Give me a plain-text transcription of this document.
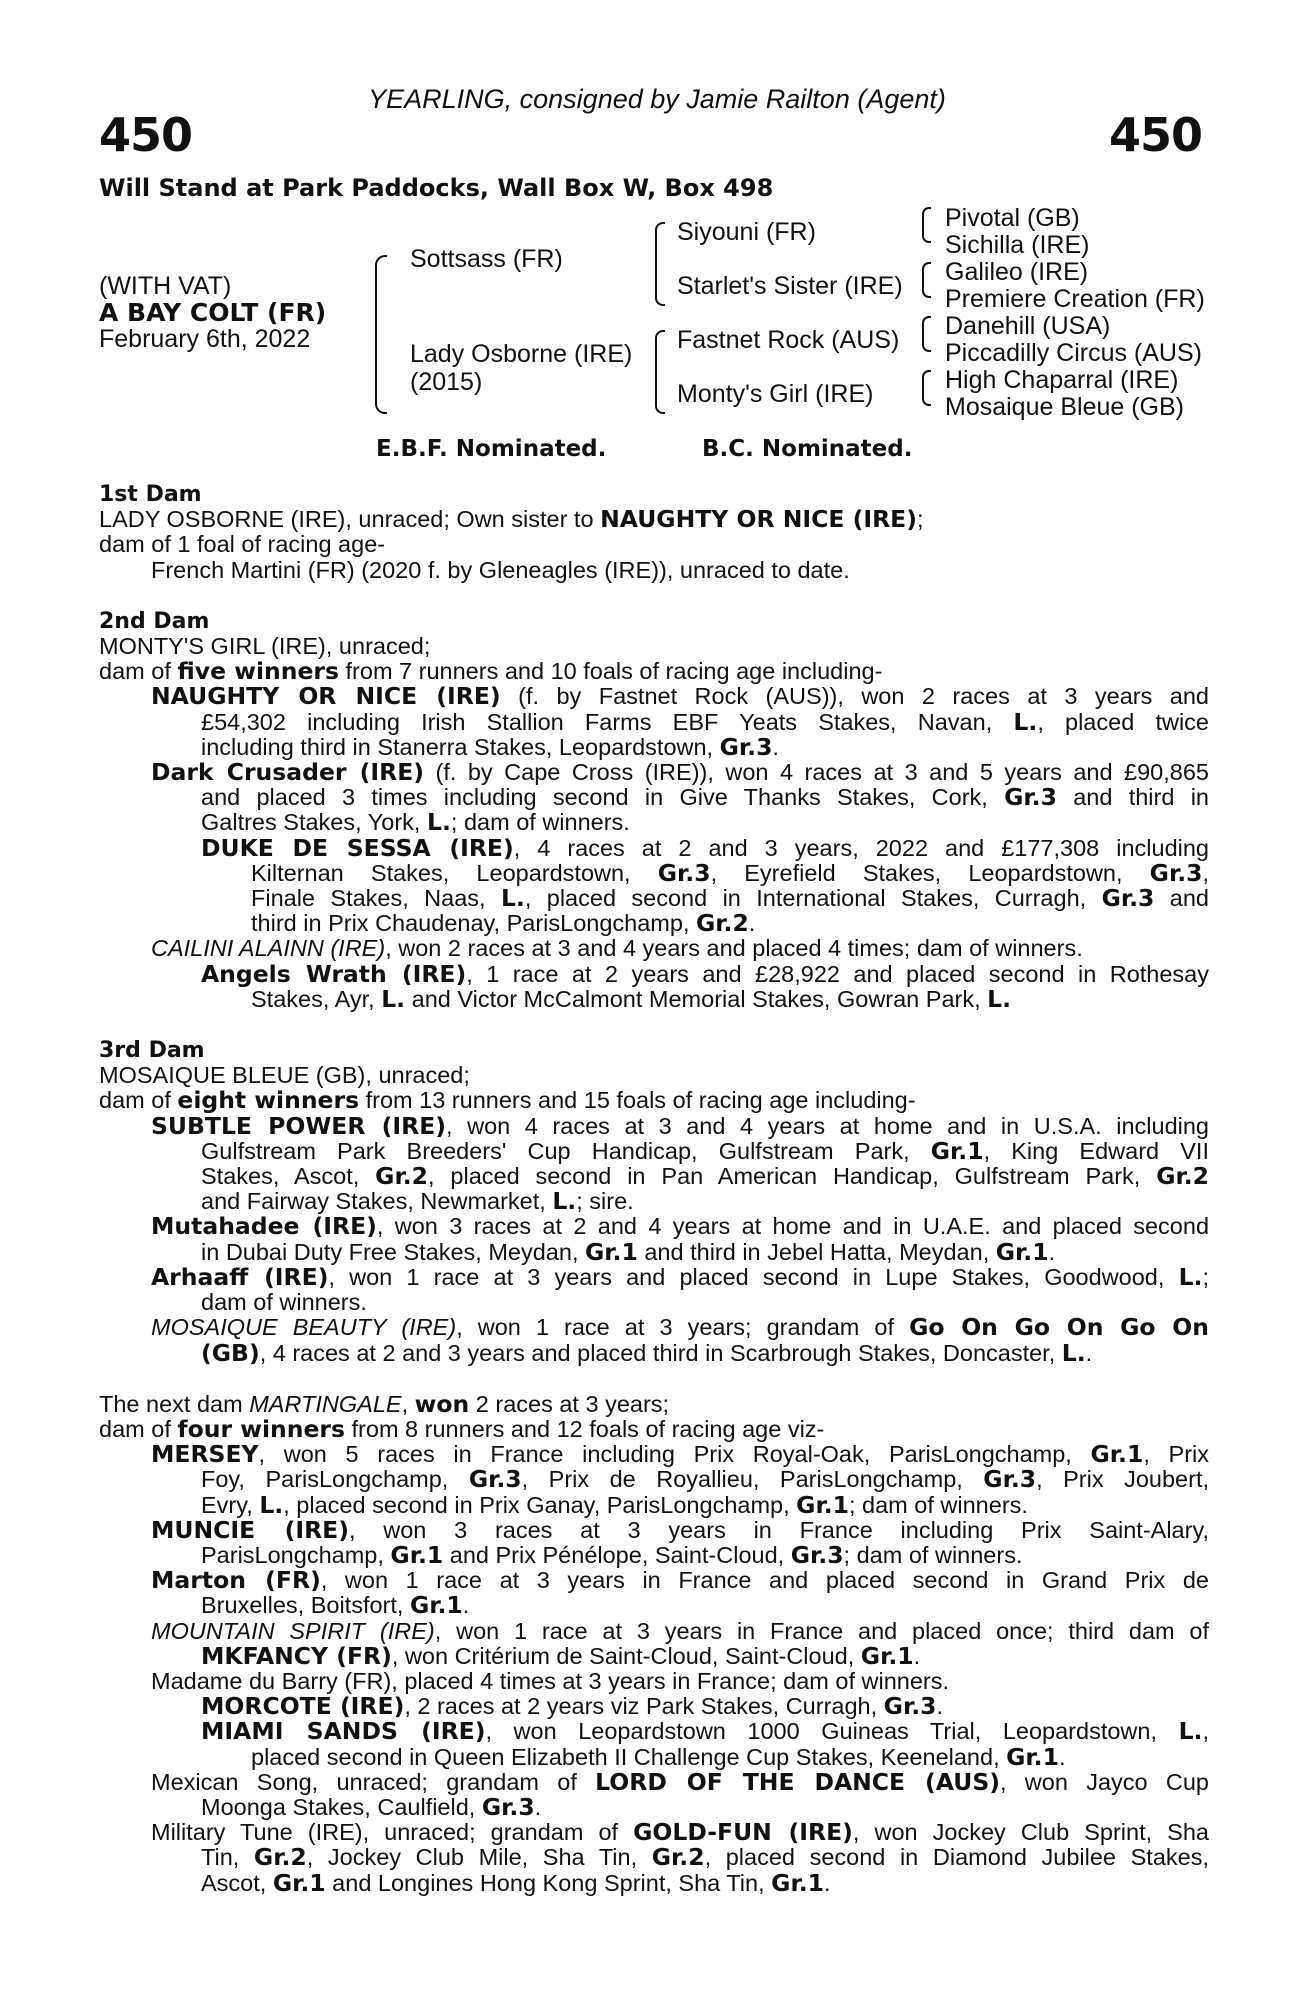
YEARLING, consigned by Jamie Railton (Agent)
450	450
Will Stand at Park Paddocks, Wall Box W, Box 498
(WITH VAT)
A BAY COLT (FR)
February 6th, 2022
Sottsass (FR)
Lady Osborne (IRE)
(2015)
Siyouni (FR)
Starlet's Sister (IRE)
Fastnet Rock (AUS)
Monty's Girl (IRE)
Pivotal (GB)
Sichilla (IRE)
Galileo (IRE)
Premiere Creation (FR)
Danehill (USA)
Piccadilly Circus (AUS)
High Chaparral (IRE)
Mosaique Bleue (GB)
E.B.F. Nominated.	B.C. Nominated.
1st Dam
LADY OSBORNE (IRE), unraced; Own sister to NAUGHTY OR NICE (IRE);
dam of 1 foal of racing age-
French Martini (FR) (2020 f. by Gleneagles (IRE)), unraced to date.
2nd Dam
MONTY'S GIRL (IRE), unraced;
dam of five winners from 7 runners and 10 foals of racing age including-
NAUGHTY OR NICE (IRE) (f. by Fastnet Rock (AUS)), won 2 races at 3 years and
£54,302 including Irish Stallion Farms EBF Yeats Stakes, Navan, L., placed twice
including third in Stanerra Stakes, Leopardstown, Gr.3.
Dark Crusader (IRE) (f. by Cape Cross (IRE)), won 4 races at 3 and 5 years and £90,865
and placed 3 times including second in Give Thanks Stakes, Cork, Gr.3 and third in
Galtres Stakes, York, L.; dam of winners.
DUKE DE SESSA (IRE), 4 races at 2 and 3 years, 2022 and £177,308 including
Kilternan Stakes, Leopardstown, Gr.3, Eyrefield Stakes, Leopardstown, Gr.3,
Finale Stakes, Naas, L., placed second in International Stakes, Curragh, Gr.3 and
third in Prix Chaudenay, ParisLongchamp, Gr.2.
CAILINI ALAINN (IRE), won 2 races at 3 and 4 years and placed 4 times; dam of winners.
Angels Wrath (IRE), 1 race at 2 years and £28,922 and placed second in Rothesay
Stakes, Ayr, L. and Victor McCalmont Memorial Stakes, Gowran Park, L.
3rd Dam
MOSAIQUE BLEUE (GB), unraced;
dam of eight winners from 13 runners and 15 foals of racing age including-
SUBTLE POWER (IRE), won 4 races at 3 and 4 years at home and in U.S.A. including
Gulfstream Park Breeders' Cup Handicap, Gulfstream Park, Gr.1, King Edward VII
Stakes, Ascot, Gr.2, placed second in Pan American Handicap, Gulfstream Park, Gr.2
and Fairway Stakes, Newmarket, L.; sire.
Mutahadee (IRE), won 3 races at 2 and 4 years at home and in U.A.E. and placed second
in Dubai Duty Free Stakes, Meydan, Gr.1 and third in Jebel Hatta, Meydan, Gr.1.
Arhaaff (IRE), won 1 race at 3 years and placed second in Lupe Stakes, Goodwood, L.;
dam of winners.
MOSAIQUE BEAUTY (IRE), won 1 race at 3 years; grandam of Go On Go On Go On
(GB), 4 races at 2 and 3 years and placed third in Scarbrough Stakes, Doncaster, L..
The next dam MARTINGALE, won 2 races at 3 years;
dam of four winners from 8 runners and 12 foals of racing age viz-
MERSEY, won 5 races in France including Prix Royal-Oak, ParisLongchamp, Gr.1, Prix
Foy, ParisLongchamp, Gr.3, Prix de Royallieu, ParisLongchamp, Gr.3, Prix Joubert,
Evry, L., placed second in Prix Ganay, ParisLongchamp, Gr.1; dam of winners.
MUNCIE (IRE), won 3 races at 3 years in France including Prix Saint-Alary,
ParisLongchamp, Gr.1 and Prix Pénélope, Saint-Cloud, Gr.3; dam of winners.
Marton (FR), won 1 race at 3 years in France and placed second in Grand Prix de
Bruxelles, Boitsfort, Gr.1.
MOUNTAIN SPIRIT (IRE), won 1 race at 3 years in France and placed once; third dam of
MKFANCY (FR), won Critérium de Saint-Cloud, Saint-Cloud, Gr.1.
Madame du Barry (FR), placed 4 times at 3 years in France; dam of winners.
MORCOTE (IRE), 2 races at 2 years viz Park Stakes, Curragh, Gr.3.
MIAMI SANDS (IRE), won Leopardstown 1000 Guineas Trial, Leopardstown, L.,
placed second in Queen Elizabeth II Challenge Cup Stakes, Keeneland, Gr.1.
Mexican Song, unraced; grandam of LORD OF THE DANCE (AUS), won Jayco Cup
Moonga Stakes, Caulfield, Gr.3.
Military Tune (IRE), unraced; grandam of GOLD-FUN (IRE), won Jockey Club Sprint, Sha
Tin, Gr.2, Jockey Club Mile, Sha Tin, Gr.2, placed second in Diamond Jubilee Stakes,
Ascot, Gr.1 and Longines Hong Kong Sprint, Sha Tin, Gr.1.
